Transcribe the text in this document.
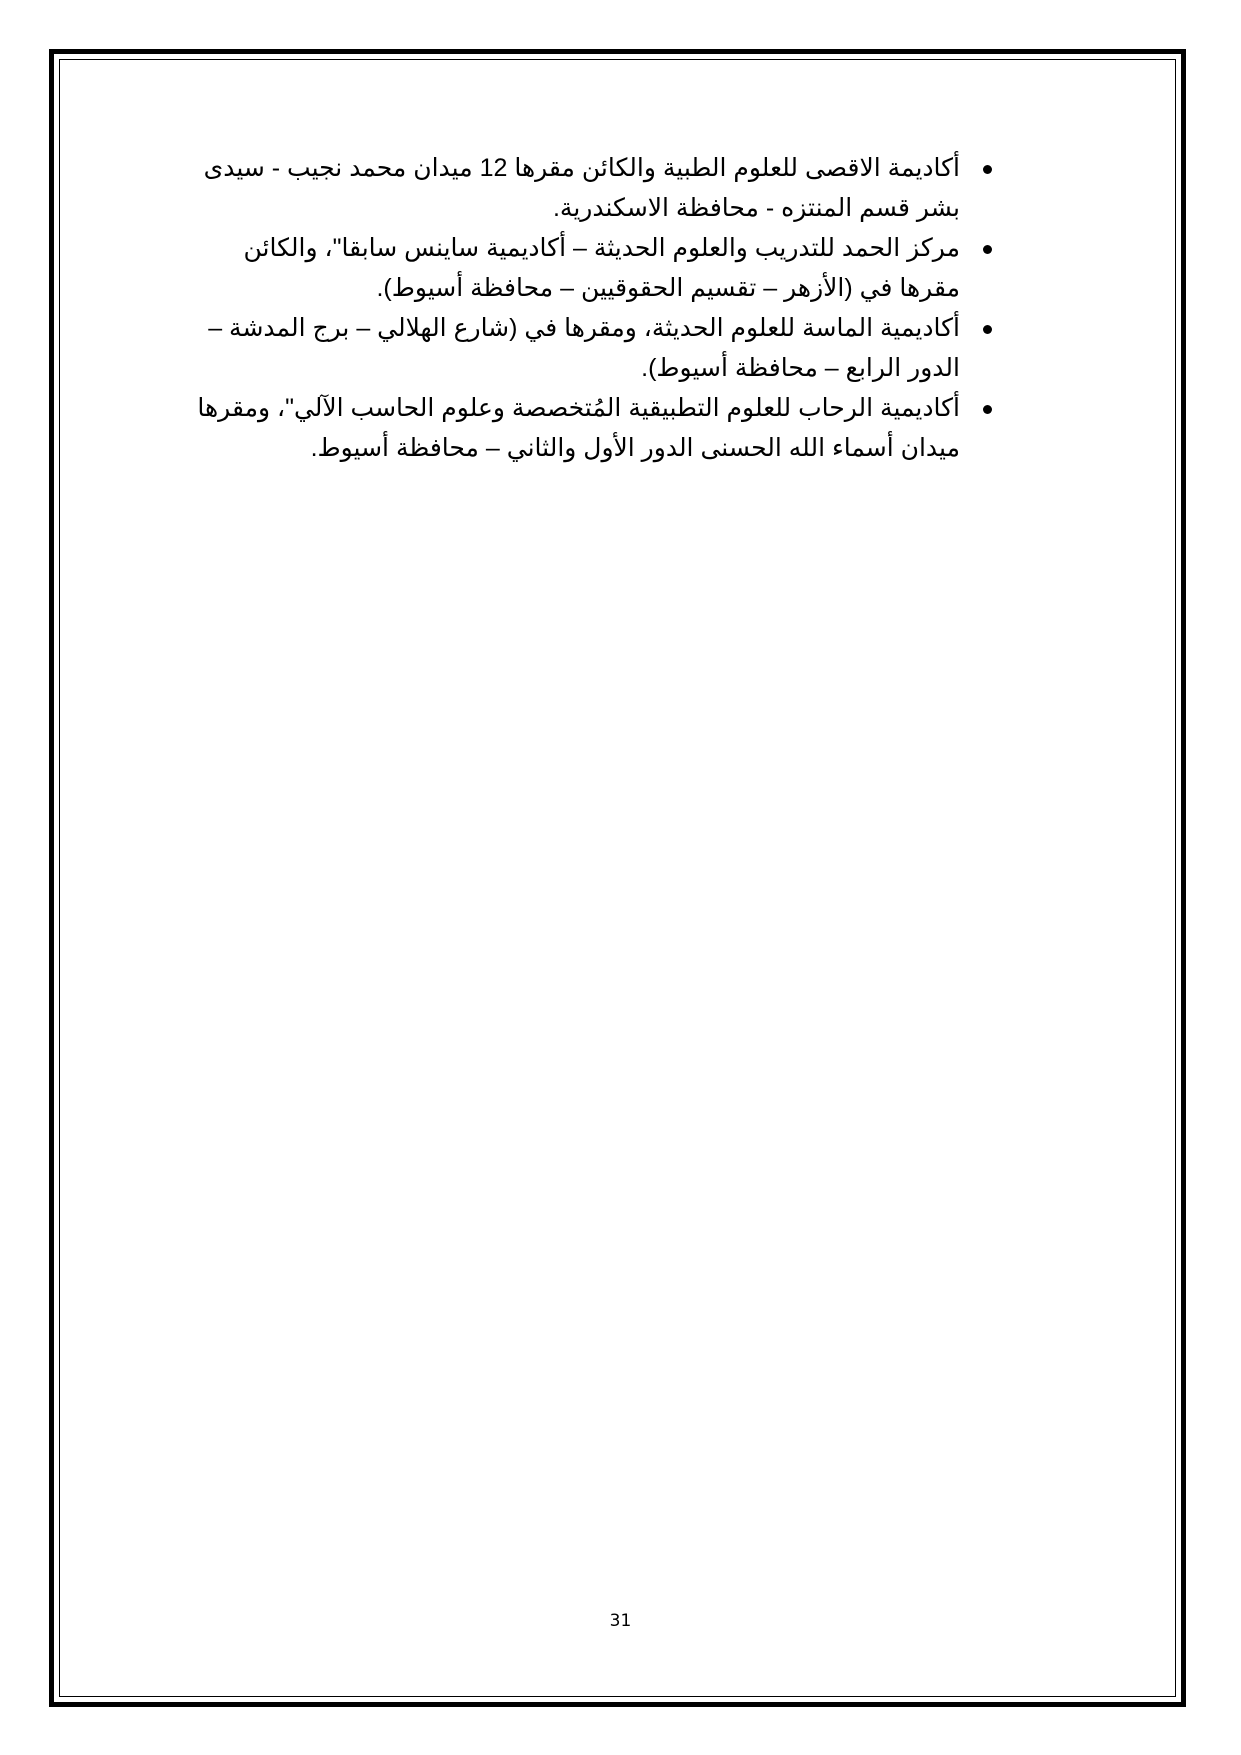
أكاديمة الاقصى للعلوم الطبية والكائن مقرها 12 ميدان محمد نجيب - سيدى بشر قسم المنتزه - محافظة الاسكندرية.
مركز الحمد للتدريب والعلوم الحديثة – أكاديمية ساينس سابقا"، والكائن مقرها في (الأزهر – تقسيم الحقوقيين – محافظة أسيوط).
أكاديمية الماسة للعلوم الحديثة، ومقرها في (شارع الهلالي – برج المدشة – الدور الرابع – محافظة أسيوط).
أكاديمية الرحاب للعلوم التطبيقية المُتخصصة وعلوم الحاسب الآلي"، ومقرها ميدان أسماء الله الحسنى الدور الأول والثاني – محافظة أسيوط.
31
